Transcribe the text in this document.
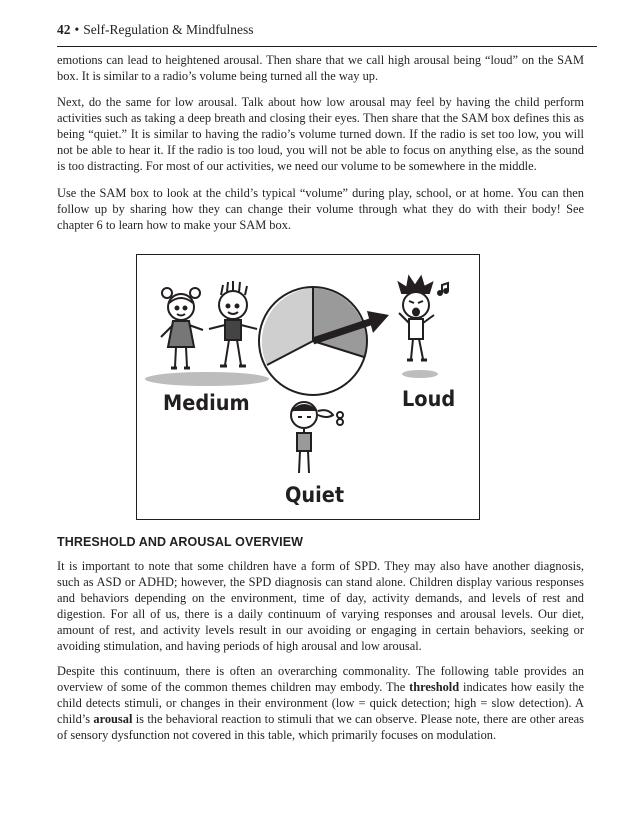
42 • Self-Regulation & Mindfulness

emotions can lead to heightened arousal. Then share that we call high arousal being “loud” on the SAM box. It is similar to a radio’s volume being turned all the way up.

Next, do the same for low arousal. Talk about how low arousal may feel by having the child perform activities such as taking a deep breath and closing their eyes. Then share that the SAM box defines this as being “quiet.” It is similar to having the radio’s volume turned down. If the radio is set too low, you will not be able to hear it. If the radio is too loud, you will not be able to focus on anything else, as the sound is too distracting. For most of our activities, we need our volume to be somewhere in the middle.

Use the SAM box to look at the child’s typical “volume” during play, school, or at home. You can then follow up by sharing how they can change their volume through what they do with their body! See chapter 6 to learn how to make your SAM box.

Medium	Loud
Quiet
THRESHOLD AND AROUSAL OVERVIEW

It is important to note that some children have a form of SPD. They may also have another diagnosis, such as ASD or ADHD; however, the SPD diagnosis can stand alone. Children display various responses and behaviors depending on the environment, time of day, activity demands, and levels of rest and digestion. For all of us, there is a daily continuum of varying responses and arousal levels. Our diet, amount of rest, and activity levels result in our avoiding or engaging in certain behaviors, seeking or avoiding stimulation, and having periods of high arousal and low arousal.

Despite this continuum, there is often an overarching commonality. The following table provides an overview of some of the common themes children may embody. The threshold indicates how easily the child detects stimuli, or changes in their environment (low = quick detection; high = slow detection). A child’s arousal is the behavioral reaction to stimuli that we can observe. Please note, there are other areas of sensory dysfunction not covered in this table, which primarily focuses on modulation.
